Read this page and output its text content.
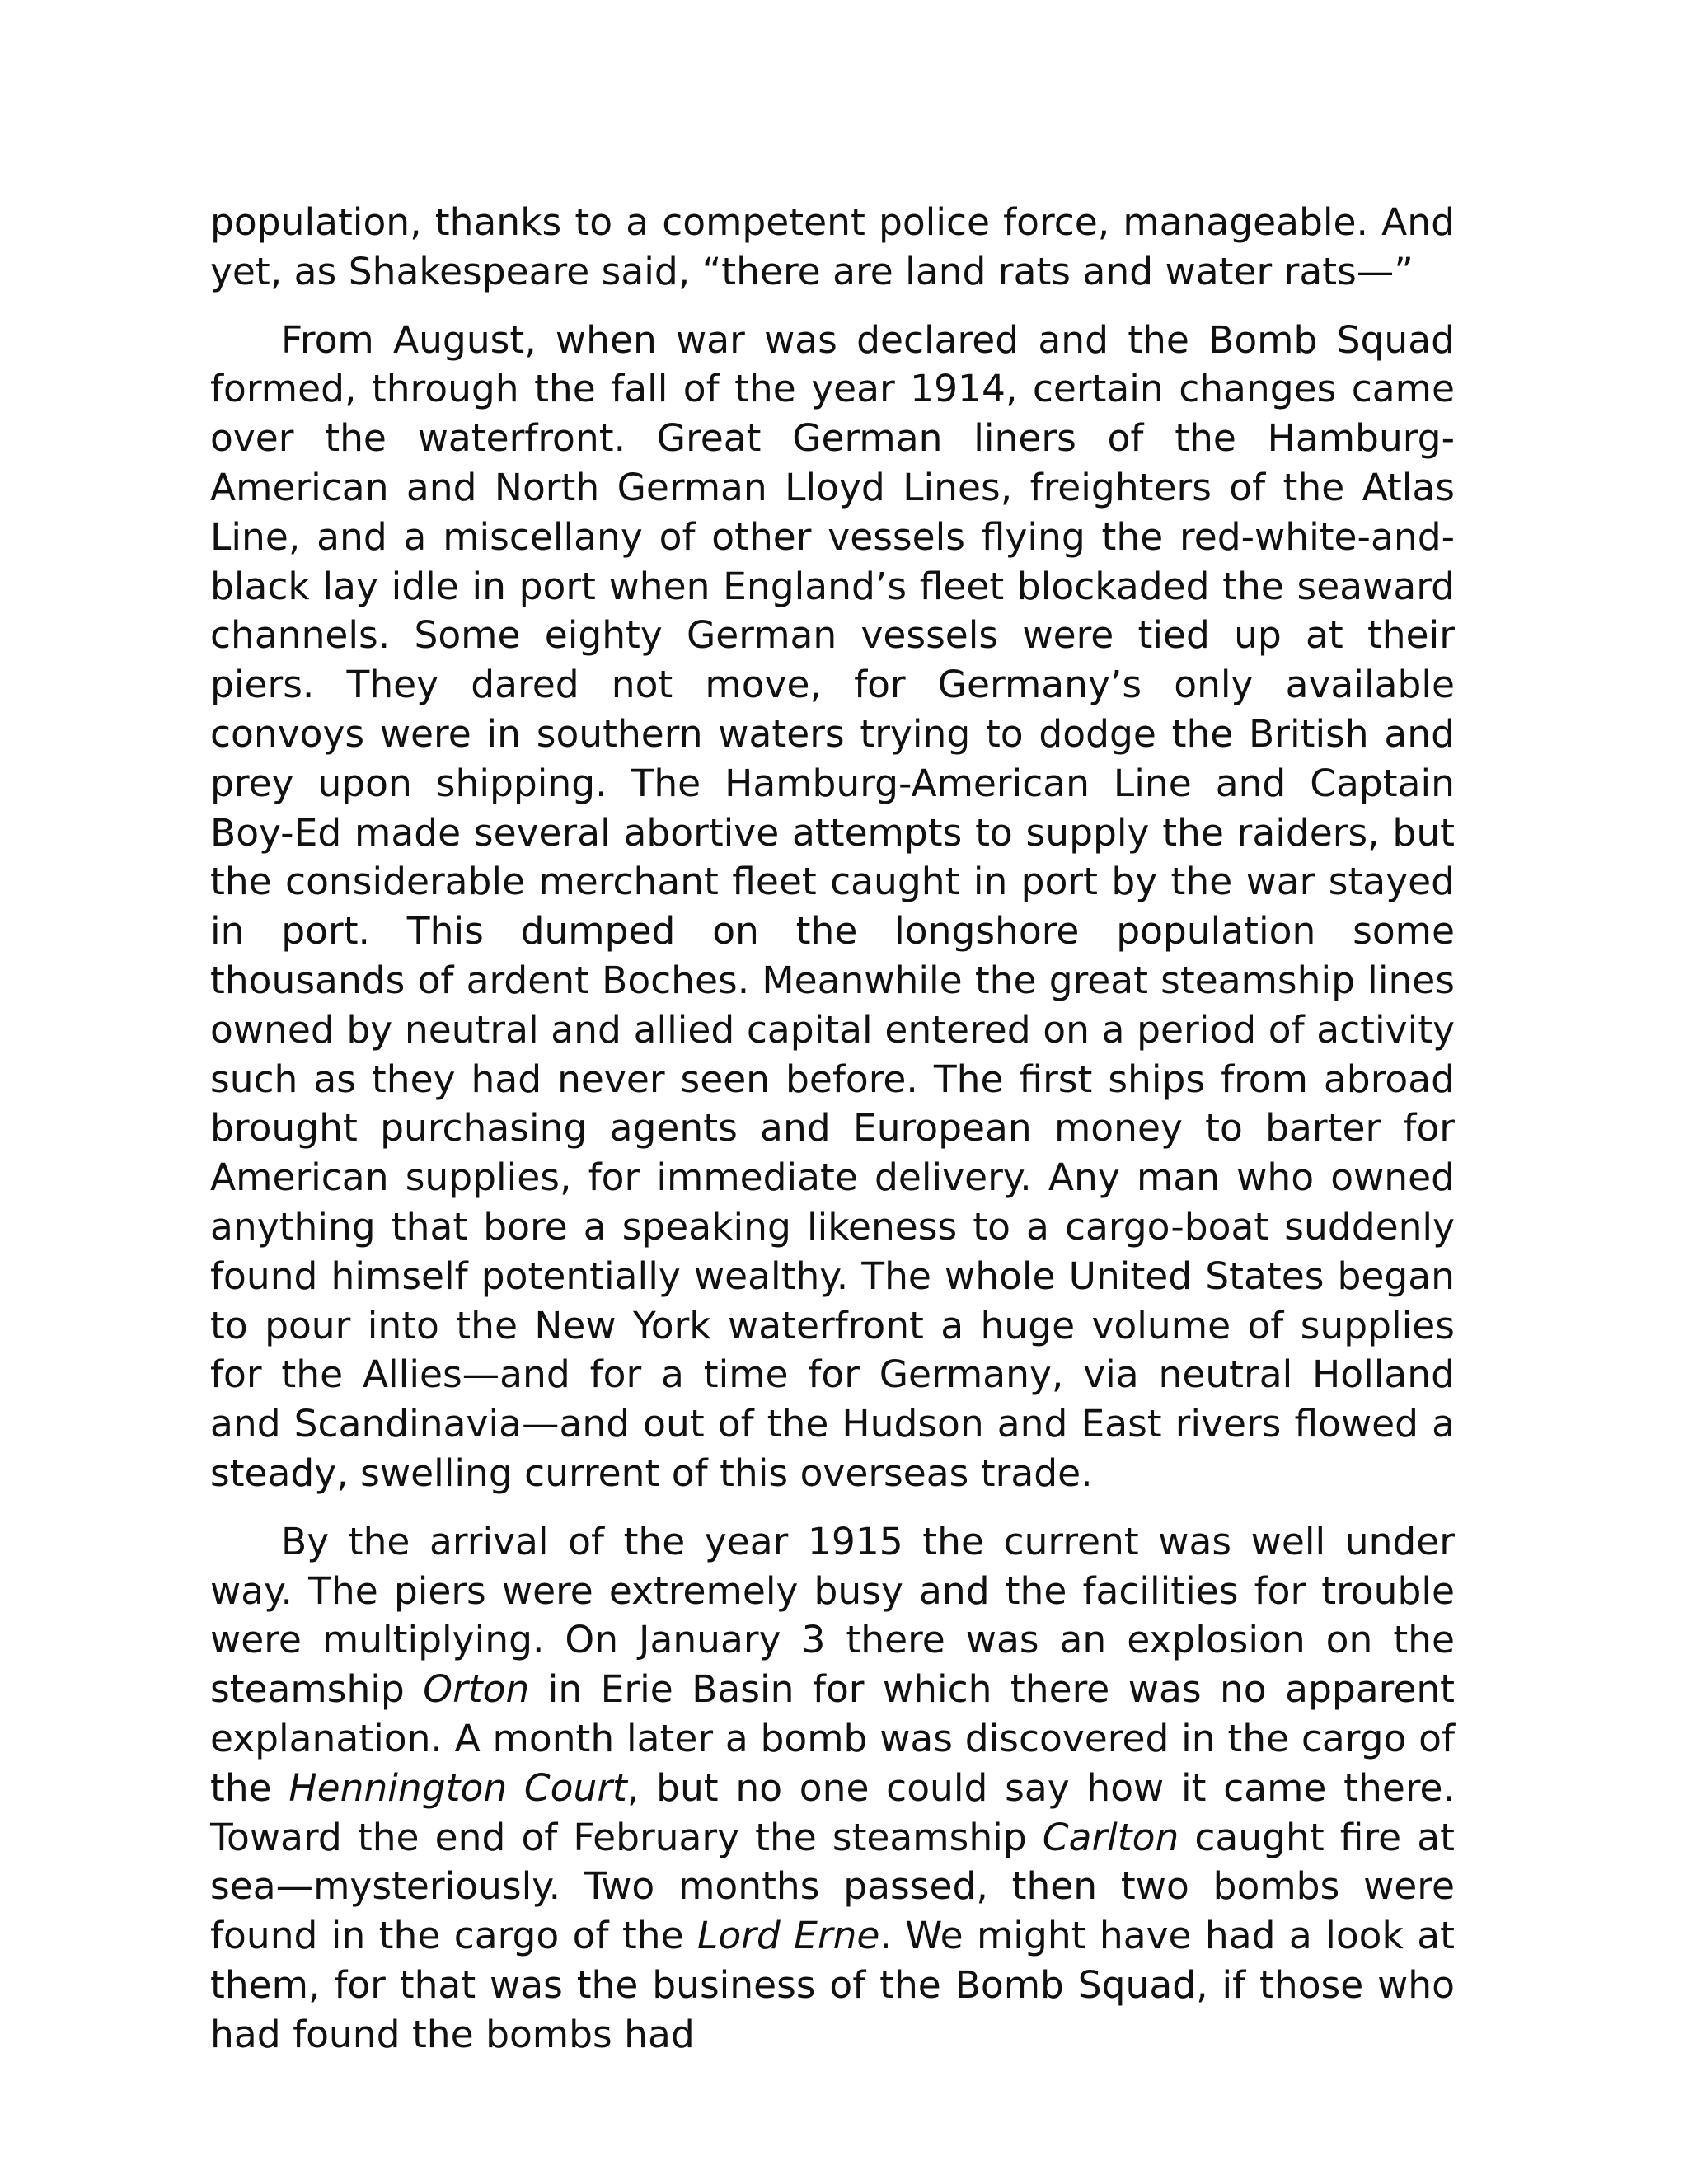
population, thanks to a competent police force, manageable. And yet, as Shakespeare said, “there are land rats and water rats—”

From August, when war was declared and the Bomb Squad formed, through the fall of the year 1914, certain changes came over the waterfront. Great German liners of the Hamburg-American and North German Lloyd Lines, freighters of the Atlas Line, and a miscellany of other vessels flying the red-white-and-black lay idle in port when England’s fleet blockaded the seaward channels. Some eighty German vessels were tied up at their piers. They dared not move, for Germany’s only available convoys were in southern waters trying to dodge the British and prey upon shipping. The Hamburg-American Line and Captain Boy-Ed made several abortive attempts to supply the raiders, but the considerable merchant fleet caught in port by the war stayed in port. This dumped on the longshore population some thousands of ardent Boches. Meanwhile the great steamship lines owned by neutral and allied capital entered on a period of activity such as they had never seen before. The first ships from abroad brought purchasing agents and European money to barter for American supplies, for immediate delivery. Any man who owned anything that bore a speaking likeness to a cargo-boat suddenly found himself potentially wealthy. The whole United States began to pour into the New York waterfront a huge volume of supplies for the Allies—and for a time for Germany, via neutral Holland and Scandinavia—and out of the Hudson and East rivers flowed a steady, swelling current of this overseas trade.

By the arrival of the year 1915 the current was well under way. The piers were extremely busy and the facilities for trouble were multiplying. On January 3 there was an explosion on the steamship Orton in Erie Basin for which there was no apparent explanation. A month later a bomb was discovered in the cargo of the Hennington Court, but no one could say how it came there. Toward the end of February the steamship Carlton caught fire at sea—mysteriously. Two months passed, then two bombs were found in the cargo of the Lord Erne. We might have had a look at them, for that was the business of the Bomb Squad, if those who had found the bombs had
